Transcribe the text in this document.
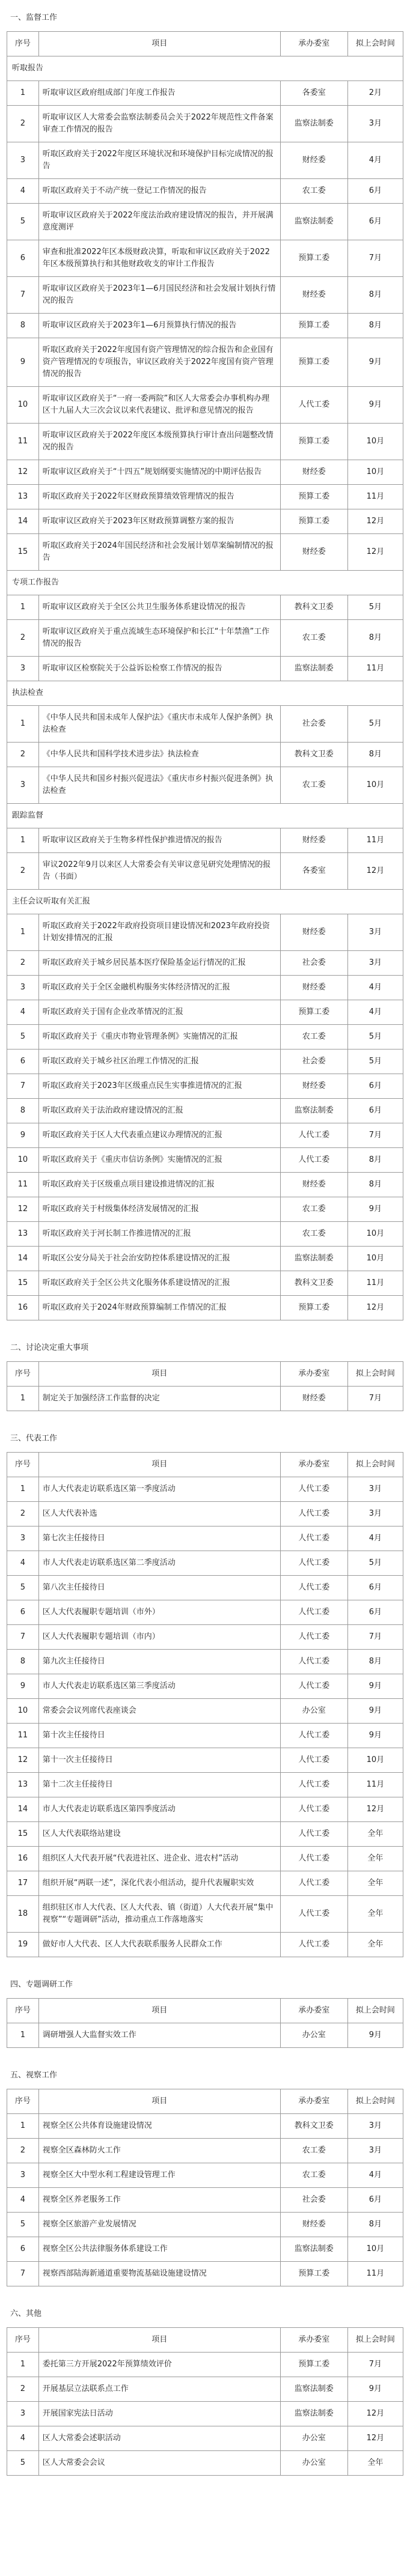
一、监督工作
序号	项目	承办委室	拟上会时间
听取报告			
1	听取审议区政府组成部门年度工作报告	各委室	2月
2	听取审议区人大常委会监察法制委员会关于2022年规范性文件备案审查工作情况的报告	监察法制委	3月
3	听取区政府关于2022年度区环境状况和环境保护目标完成情况的报告	财经委	4月
4	听取区政府关于不动产统一登记工作情况的报告	农工委	6月
5	听取审议区政府关于2022年度法治政府建设情况的报告，并开展满意度测评	监察法制委	6月
6	审查和批准2022年区本级财政决算，听取和审议区政府关于2022年区本级预算执行和其他财政收支的审计工作报告	预算工委	7月
7	听取审议区政府关于2023年1—6月国民经济和社会发展计划执行情况的报告	财经委	8月
8	听取审议区政府关于2023年1—6月预算执行情况的报告	预算工委	8月
9	听取区政府关于2022年度国有资产管理情况的综合报告和企业国有资产管理情况的专项报告，审议区政府关于2022年度国有资产管理情况的报告	预算工委	9月
10	听取审议区政府关于“一府一委两院”和区人大常委会办事机构办理区十九届人大三次会议以来代表建议、批评和意见情况的报告	人代工委	9月
11	听取审议区政府关于2022年度区本级预算执行审计查出问题整改情况的报告	预算工委	10月
12	听取审议区政府关于“十四五”规划纲要实施情况的中期评估报告	财经委	10月
13	听取区政府关于2022年区财政预算绩效管理情况的报告	预算工委	11月
14	听取审议区政府关于2023年区财政预算调整方案的报告	预算工委	12月
15	听取区政府关于2024年国民经济和社会发展计划草案编制情况的报告	财经委	12月
专项工作报告			
1	听取审议区政府关于全区公共卫生服务体系建设情况的报告	教科文卫委	5月
2	听取审议区政府关于重点流域生态环境保护和长江“十年禁渔”工作情况的报告	农工委	8月
3	听取审议区检察院关于公益诉讼检察工作情况的报告	监察法制委	11月
执法检查			
1	《中华人民共和国未成年人保护法》《重庆市未成年人保护条例》执法检查	社会委	5月
2	《中华人民共和国科学技术进步法》执法检查	教科文卫委	8月
3	《中华人民共和国乡村振兴促进法》《重庆市乡村振兴促进条例》执法检查	农工委	10月
跟踪监督			
1	听取审议区政府关于生物多样性保护推进情况的报告	财经委	11月
2	审议2022年9月以来区人大常委会有关审议意见研究处理情况的报告（书面）	各委室	12月
主任会议听取有关汇报			
1	听取区政府关于2022年政府投资项目建设情况和2023年政府投资计划安排情况的汇报	财经委	3月
2	听取区政府关于城乡居民基本医疗保险基金运行情况的汇报	社会委	3月
3	听取区政府关于全区金融机构服务实体经济情况的汇报	财经委	4月
4	听取区政府关于国有企业改革情况的汇报	预算工委	4月
5	听取区政府关于《重庆市物业管理条例》实施情况的汇报	农工委	5月
6	听取区政府关于城乡社区治理工作情况的汇报	社会委	5月
7	听取区政府关于2023年区级重点民生实事推进情况的汇报	财经委	6月
8	听取区政府关于法治政府建设情况的汇报	监察法制委	6月
9	听取区政府关于区人大代表重点建议办理情况的汇报	人代工委	7月
10	听取区政府关于《重庆市信访条例》实施情况的汇报	人代工委	8月
11	听取区政府关于区级重点项目建设推进情况的汇报	财经委	8月
12	听取区政府关于村级集体经济发展情况的汇报	农工委	9月
13	听取区政府关于河长制工作推进情况的汇报	农工委	10月
14	听取区公安分局关于社会治安防控体系建设情况的汇报	监察法制委	10月
15	听取区政府关于全区公共文化服务体系建设情况的汇报	教科文卫委	11月
16	听取区政府关于2024年财政预算编制工作情况的汇报	预算工委	12月
二、讨论决定重大事项
序号	项目	承办委室	拟上会时间
1	制定关于加强经济工作监督的决定	财经委	7月
三、代表工作
序号	项目	承办委室	拟上会时间
1	市人大代表走访联系选区第一季度活动	人代工委	3月
2	区人大代表补选	人代工委	3月
3	第七次主任接待日	人代工委	4月
4	市人大代表走访联系选区第二季度活动	人代工委	5月
5	第八次主任接待日	人代工委	6月
6	区人大代表履职专题培训（市外）	人代工委	6月
7	区人大代表履职专题培训（市内）	人代工委	7月
8	第九次主任接待日	人代工委	8月
9	市人大代表走访联系选区第三季度活动	人代工委	9月
10	常委会会议列席代表座谈会	办公室	9月
11	第十次主任接待日	人代工委	9月
12	第十一次主任接待日	人代工委	10月
13	第十二次主任接待日	人代工委	11月
14	市人大代表走访联系选区第四季度活动	人代工委	12月
15	区人大代表联络站建设	人代工委	全年
16	组织区人大代表开展“代表进社区、进企业、进农村”活动	人代工委	全年
17	组织开展“两联一述”，深化代表小组活动，提升代表履职实效	人代工委	全年
18	组织驻区市人大代表、区人大代表、镇（街道）人大代表开展“集中视察”“专题调研”活动，推动重点工作落地落实	人代工委	全年
19	做好市人大代表、区人大代表联系服务人民群众工作	人代工委	全年
四、专题调研工作
序号	项目	承办委室	拟上会时间
1	调研增强人大监督实效工作	办公室	9月
五、视察工作
序号	项目	承办委室	拟上会时间
1	视察全区公共体育设施建设情况	教科文卫委	3月
2	视察全区森林防火工作	农工委	3月
3	视察全区大中型水利工程建设管理工作	农工委	4月
4	视察全区养老服务工作	社会委	6月
5	视察全区旅游产业发展情况	财经委	8月
6	视察全区公共法律服务体系建设工作	监察法制委	10月
7	视察西部陆海新通道重要物流基础设施建设情况	预算工委	11月
六、其他
序号	项目	承办委室	拟上会时间
1	委托第三方开展2022年预算绩效评价	预算工委	7月
2	开展基层立法联系点工作	监察法制委	9月
3	开展国家宪法日活动	监察法制委	12月
4	区人大常委会述职活动	办公室	12月
5	区人大常委会会议	办公室	全年
